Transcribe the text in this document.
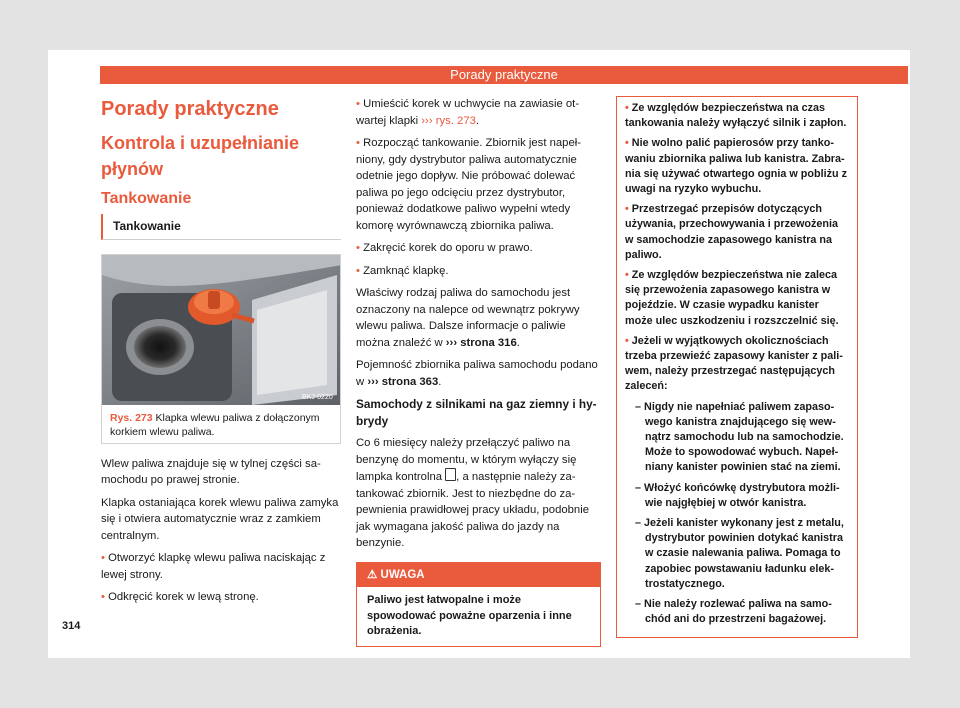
Porady praktyczne
Porady praktyczne
Kontrola i uzupełnianie płynów
Tankowanie
Tankowanie
BKJ-0220
Rys. 273 Klapka wlewu paliwa z dołączonym korkiem wlewu paliwa.

Wlew paliwa znajduje się w tylnej części samochodu po prawej stronie.

Klapka ostaniająca korek wlewu paliwa zamyka się i otwiera automatycznie wraz z zamkiem centralnym.

• Otworzyć klapkę wlewu paliwa naciskając z lewej strony.

• Odkręcić korek w lewą stronę.

• Umieścić korek w uchwycie na zawiasie otwartej klapki ››› rys. 273.

• Rozpocząć tankowanie. Zbiornik jest napełniony, gdy dystrybutor paliwa automatycznie odetnie jego dopływ. Nie próbować dolewać paliwa po jego odcięciu przez dystrybutor, ponieważ dodatkowe paliwo wypełni wtedy komorę wyrównawczą zbiornika paliwa.

• Zakręcić korek do oporu w prawo.

• Zamknąć klapkę.

Właściwy rodzaj paliwa do samochodu jest oznaczony na nalepce od wewnątrz pokrywy wlewu paliwa. Dalsze informacje o paliwie można znaleźć w ››› strona 316.

Pojemność zbiornika paliwa samochodu podano w ››› strona 363.

Samochody z silnikami na gaz ziemny i hybrydy

Co 6 miesięcy należy przełączyć paliwo na benzynę do momentu, w którym wyłączy się lampka kontrolna , a następnie należy zatankować zbiornik. Jest to niezbędne do zapewnienia prawidłowej pracy układu, podobnie jak wymagana jakość paliwa do jazdy na benzynie.

⚠ UWAGA
Paliwo jest łatwopalne i może spowodować poważne oparzenia i inne obrażenia.

• Ze względów bezpieczeństwa na czas tankowania należy wyłączyć silnik i zapłon.

• Nie wolno palić papierosów przy tankowaniu zbiornika paliwa lub kanistra. Zabrania się używać otwartego ognia w pobliżu z uwagi na ryzyko wybuchu.

• Przestrzegać przepisów dotyczących używania, przechowywania i przewożenia w samochodzie zapasowego kanistra na paliwo.

• Ze względów bezpieczeństwa nie zaleca się przewożenia zapasowego kanistra w pojeździe. W czasie wypadku kanister może ulec uszkodzeniu i rozszczelnić się.

• Jeżeli w wyjątkowych okolicznościach trzeba przewieźć zapasowy kanister z paliwem, należy przestrzegać następujących zaleceń:

– Nigdy nie napełniać paliwem zapasowego kanistra znajdującego się wewnątrz samochodu lub na samochodzie. Może to spowodować wybuch. Napełniany kanister powinien stać na ziemi.

– Włożyć końcówkę dystrybutora możliwie najgłębiej w otwór kanistra.

– Jeżeli kanister wykonany jest z metalu, dystrybutor powinien dotykać kanistra w czasie nalewania paliwa. Pomaga to zapobiec powstawaniu ładunku elektrostatycznego.

– Nie należy rozlewać paliwa na samochód ani do przestrzeni bagażowej.

314
